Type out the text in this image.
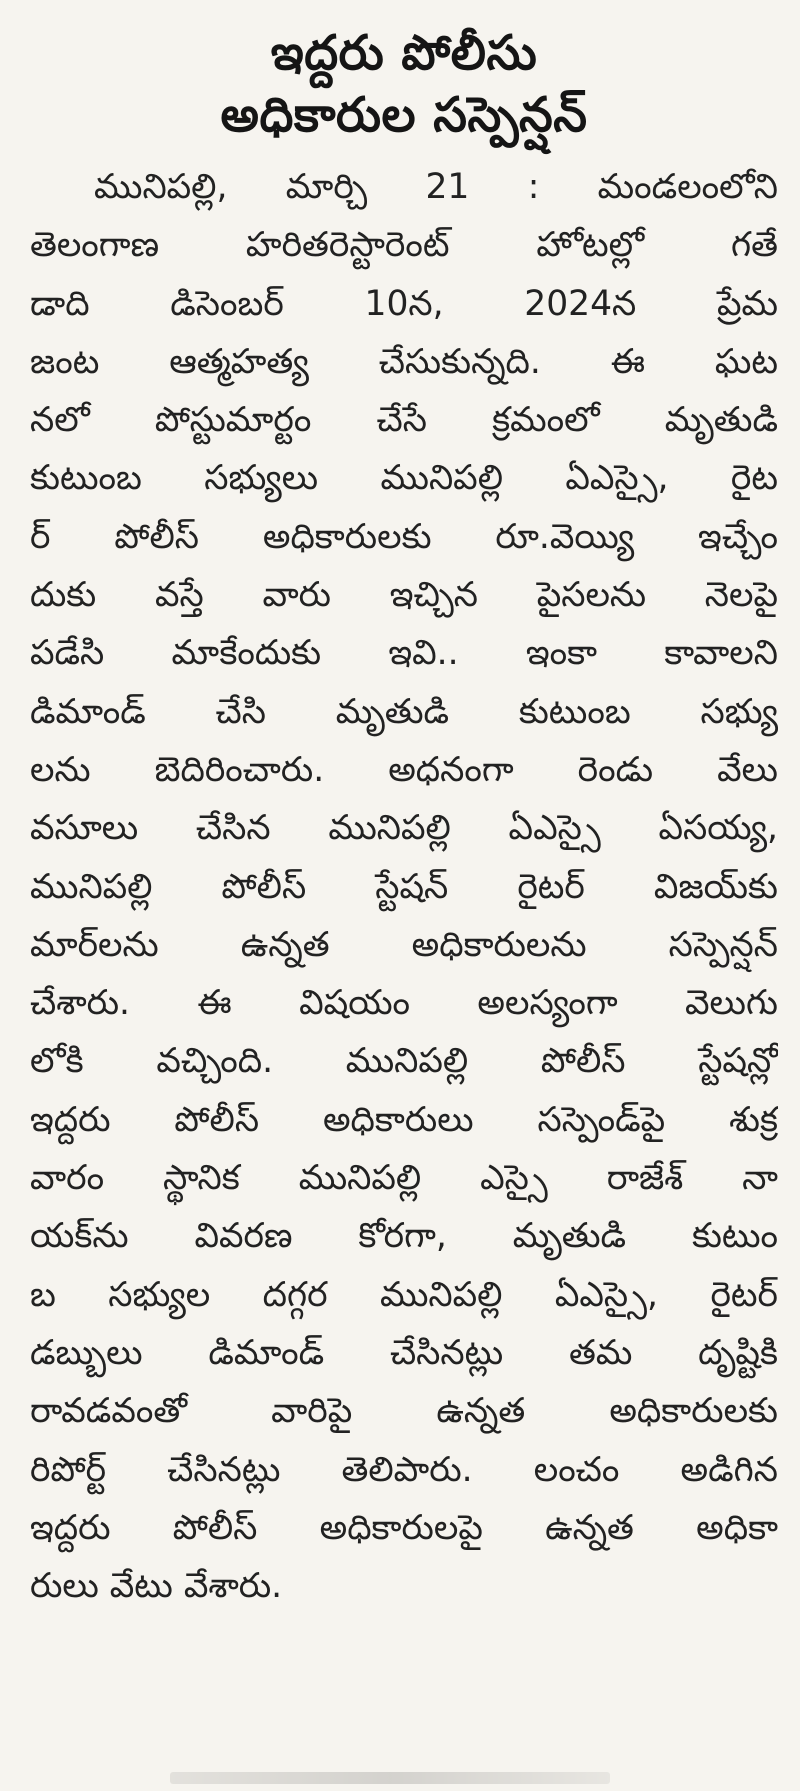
ఇద్దరు పోలీసు
అధికారుల సస్పెన్షన్
మునిపల్లి, మార్చి 21 : మండలంలోని
తెలంగాణ హరితరెస్టారెంట్ హోటల్లో గతే
డాది డిసెంబర్ 10న, 2024న ప్రేమ
జంట ఆత్మహత్య చేసుకున్నది. ఈ ఘట
నలో పోస్టుమార్టం చేసే క్రమంలో మృతుడి
కుటుంబ సభ్యులు మునిపల్లి ఏఎస్సై, రైట
ర్ పోలీస్ అధికారులకు రూ.వెయ్యి ఇచ్చేం
దుకు వస్తే వారు ఇచ్చిన పైసలను నెలపై
పడేసి మాకేందుకు ఇవి.. ఇంకా కావాలని
డిమాండ్ చేసి మృతుడి కుటుంబ సభ్యు
లను బెదిరించారు. అధనంగా రెండు వేలు
వసూలు చేసిన మునిపల్లి ఏఎస్సై ఏసయ్య,
మునిపల్లి పోలీస్ స్టేషన్ రైటర్ విజయ్‌కు
మార్‌లను ఉన్నత అధికారులను సస్పెన్షన్
చేశారు. ఈ విషయం అలస్యంగా వెలుగు
లోకి వచ్చింది. మునిపల్లి పోలీస్ స్టేషన్లో
ఇద్దరు పోలీస్ అధికారులు సస్పెండ్‌పై శుక్ర
వారం స్థానిక మునిపల్లి ఎస్సై రాజేశ్ నా
యక్‌ను వివరణ కోరగా, మృతుడి కుటుం
బ సభ్యుల దగ్గర మునిపల్లి ఏఎస్సై, రైటర్
డబ్బులు డిమాండ్ చేసినట్లు తమ దృష్టికి
రావడవంతో వారిపై ఉన్నత అధికారులకు
రిపోర్ట్ చేసినట్లు తెలిపారు. లంచం అడిగిన
ఇద్దరు పోలీస్ అధికారులపై ఉన్నత అధికా
రులు వేటు వేశారు.
